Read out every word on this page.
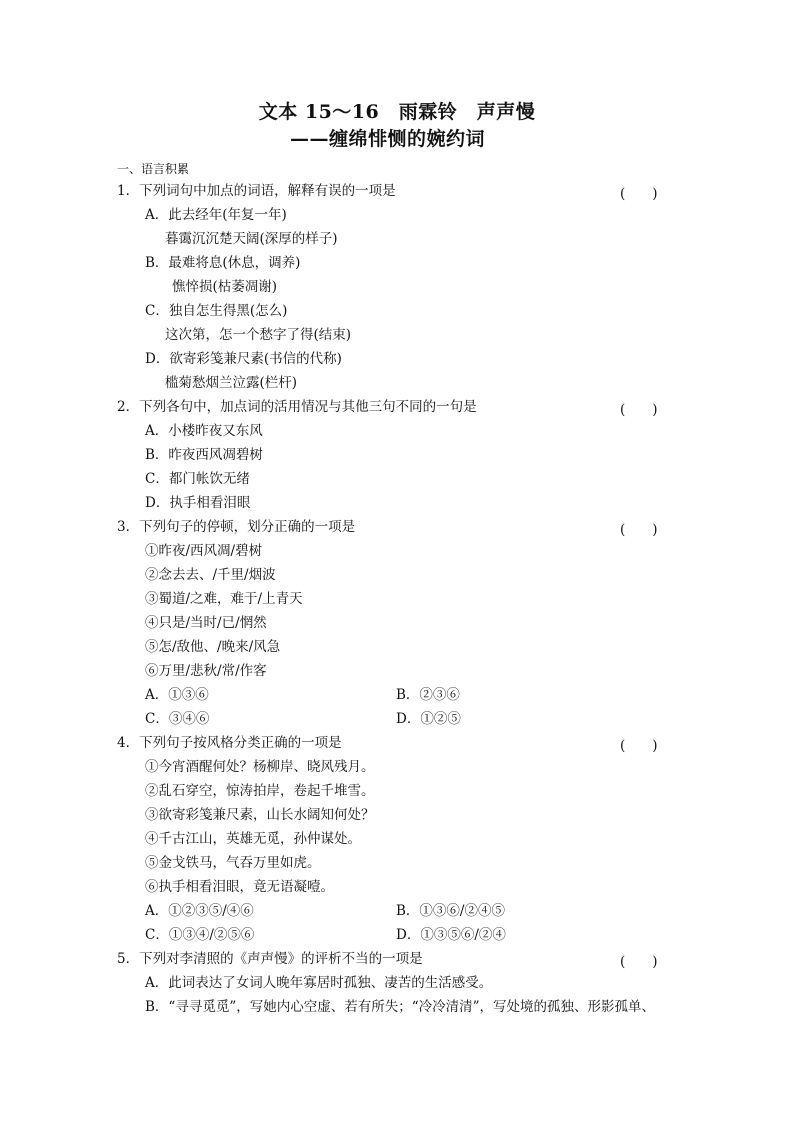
文本 15～16　雨霖铃　声声慢
——缠绵悱恻的婉约词
一、语言积累
1．下列词句中加点的词语，解释有误的一项是	(　　)
A．此去经年(年复一年)
暮霭沉沉楚天阔(深厚的样子)
B．最难将息(休息，调养)
憔悴损(枯萎凋谢)
C．独自怎生得黑(怎么)
这次第，怎一个愁字了得(结束)
D．欲寄彩笺兼尺素(书信的代称)
槛菊愁烟兰泣露(栏杆)
2．下列各句中，加点词的活用情况与其他三句不同的一句是	(　　)
A．小楼昨夜又东风
B．昨夜西风凋碧树
C．都门帐饮无绪
D．执手相看泪眼
3．下列句子的停顿，划分正确的一项是	(　　)
①昨夜/西风凋/碧树
②念去去、/千里/烟波
③蜀道/之难，难于/上青天
④只是/当时/已/惘然
⑤怎/敌他、/晚来/风急
⑥万里/悲秋/常/作客
A．①③⑥	B．②③⑥
C．③④⑥	D．①②⑤
4．下列句子按风格分类正确的一项是	(　　)
①今宵酒醒何处？杨柳岸、晓风残月。
②乱石穿空，惊涛拍岸，卷起千堆雪。
③欲寄彩笺兼尺素，山长水阔知何处？
④千古江山，英雄无觅，孙仲谋处。
⑤金戈铁马，气吞万里如虎。
⑥执手相看泪眼，竟无语凝噎。
A．①②③⑤/④⑥	B．①③⑥/②④⑤
C．①③④/②⑤⑥	D．①③⑤⑥/②④
5．下列对李清照的《声声慢》的评析不当的一项是	(　　)
A．此词表达了女词人晚年寡居时孤独、凄苦的生活感受。
B．“寻寻觅觅”，写她内心空虚、若有所失；“冷冷清清”，写处境的孤独、形影孤单、
